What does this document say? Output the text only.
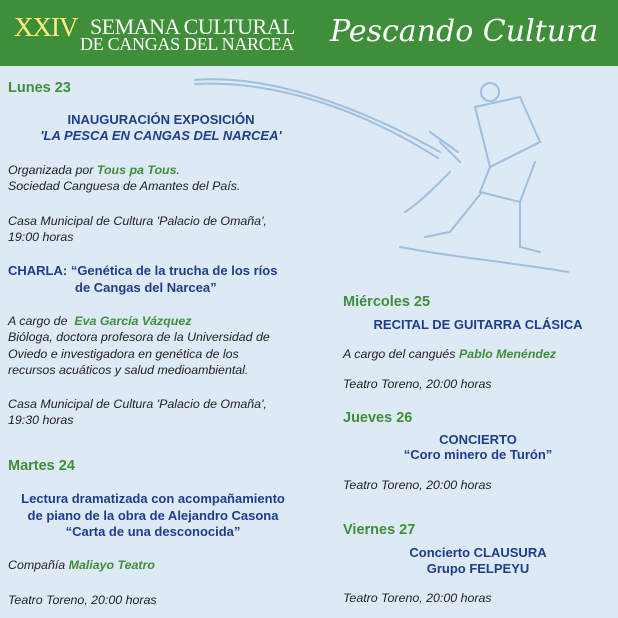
XXIV SEMANA CULTURAL
DE CANGAS DEL NARCEA Pescando Cultura
Lunes 23
INAUGURACIÓN EXPOSICIÓN
'LA PESCA EN CANGAS DEL NARCEA'
Organizada por Tous pa Tous.
Sociedad Canguesa de Amantes del País.
Casa Municipal de Cultura 'Palacio de Omaña',
19:00 horas
CHARLA: “Genética de la trucha de los ríos
de Cangas del Narcea”
A cargo de Eva García Vázquez
Bióloga, doctora profesora de la Universidad de
Oviedo e investigadora en genética de los
recursos acuáticos y salud medioambiental.
Casa Municipal de Cultura 'Palacio de Omaña',
19:30 horas
Martes 24
Lectura dramatizada con acompañamiento
de piano de la obra de Alejandro Casona
“Carta de una desconocida”
Compañía Maliayo Teatro
Teatro Toreno, 20:00 horas
Miércoles 25
RECITAL DE GUITARRA CLÁSICA
A cargo del cangués Pablo Menéndez
Teatro Toreno, 20:00 horas
Jueves 26
CONCIERTO
“Coro minero de Turón”
Teatro Toreno, 20:00 horas
Viernes 27
Concierto CLAUSURA
Grupo FELPEYU
Teatro Toreno, 20:00 horas
